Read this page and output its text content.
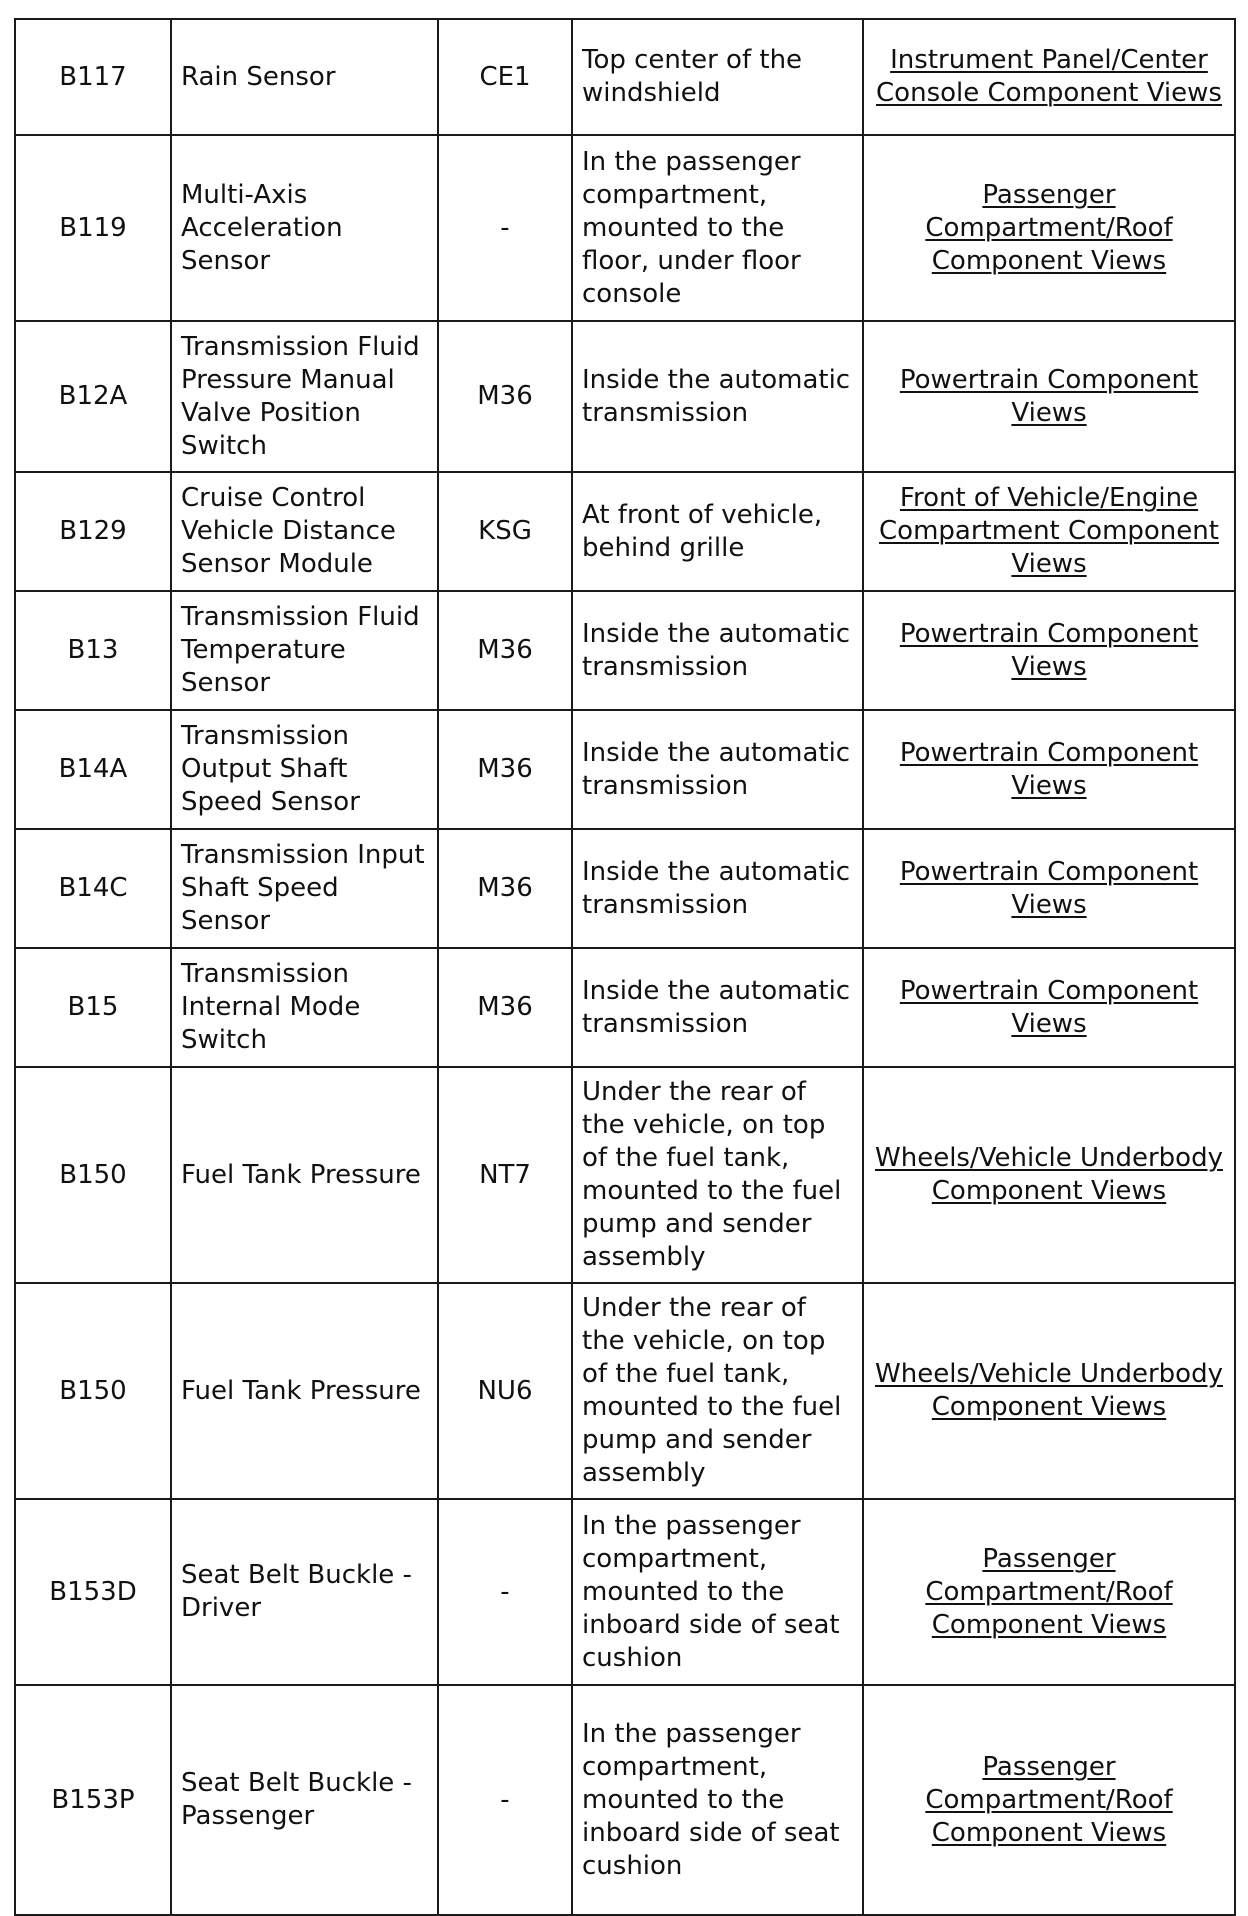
B117	Rain Sensor	CE1	Top center of the windshield	Instrument Panel/Center Console Component Views
B119	Multi-Axis Acceleration Sensor	-	In the passenger compartment, mounted to the floor, under floor console	Passenger Compartment/Roof Component Views
B12A	Transmission Fluid Pressure Manual Valve Position Switch	M36	Inside the automatic transmission	Powertrain Component Views
B129	Cruise Control Vehicle Distance Sensor Module	KSG	At front of vehicle, behind grille	Front of Vehicle/Engine Compartment Component Views
B13	Transmission Fluid Temperature Sensor	M36	Inside the automatic transmission	Powertrain Component Views
B14A	Transmission Output Shaft Speed Sensor	M36	Inside the automatic transmission	Powertrain Component Views
B14C	Transmission Input Shaft Speed Sensor	M36	Inside the automatic transmission	Powertrain Component Views
B15	Transmission Internal Mode Switch	M36	Inside the automatic transmission	Powertrain Component Views
B150	Fuel Tank Pressure	NT7	Under the rear of the vehicle, on top of the fuel tank, mounted to the fuel pump and sender assembly	Wheels/Vehicle Underbody Component Views
B150	Fuel Tank Pressure	NU6	Under the rear of the vehicle, on top of the fuel tank, mounted to the fuel pump and sender assembly	Wheels/Vehicle Underbody Component Views
B153D	Seat Belt Buckle - Driver	-	In the passenger compartment, mounted to the inboard side of seat cushion	Passenger Compartment/Roof Component Views
B153P	Seat Belt Buckle - Passenger	-	In the passenger compartment, mounted to the inboard side of seat cushion	Passenger Compartment/Roof Component Views
